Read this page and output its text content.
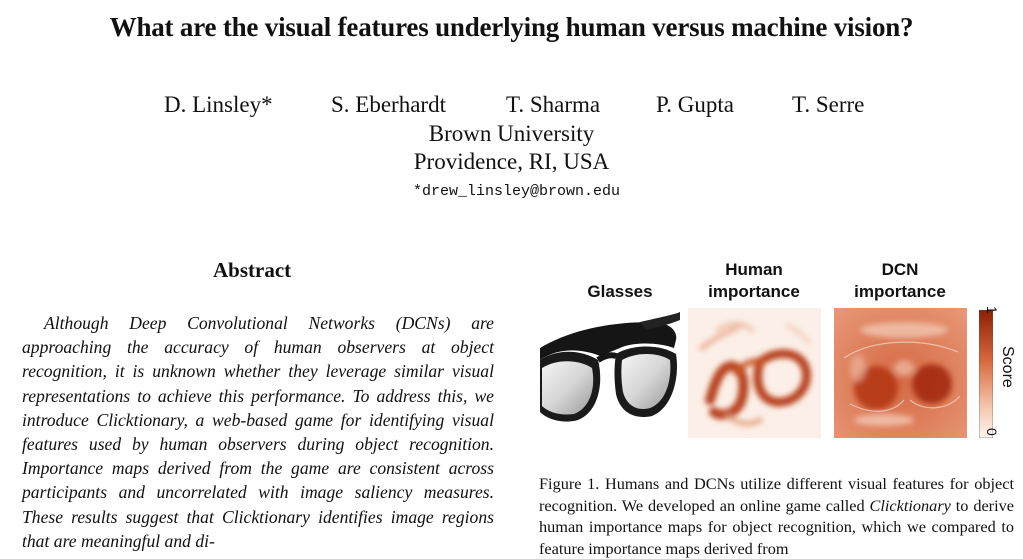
What are the visual features underlying human versus machine vision?
D. Linsley*	S. Eberhardt	T. Sharma P. Gupta	T. Serre
Brown University
Providence, RI, USA
*drew_linsley@brown.edu
Abstract
Although Deep Convolutional Networks (DCNs) are approaching the accuracy of human observers at object recognition, it is unknown whether they leverage similar visual representations to achieve this performance. To address this, we introduce Clicktionary, a web-based game for identifying visual features used by human observers during object recognition. Importance maps derived from the game are consistent across participants and uncorrelated with image saliency measures. These results suggest that Clicktionary identifies image regions that are meaningful and di-
Glasses
Human importance
DCN importance
1
0
Score
Figure 1. Humans and DCNs utilize different visual features for object recognition. We developed an online game called Clicktionary to derive human importance maps for object recognition, which we compared to feature importance maps derived from
